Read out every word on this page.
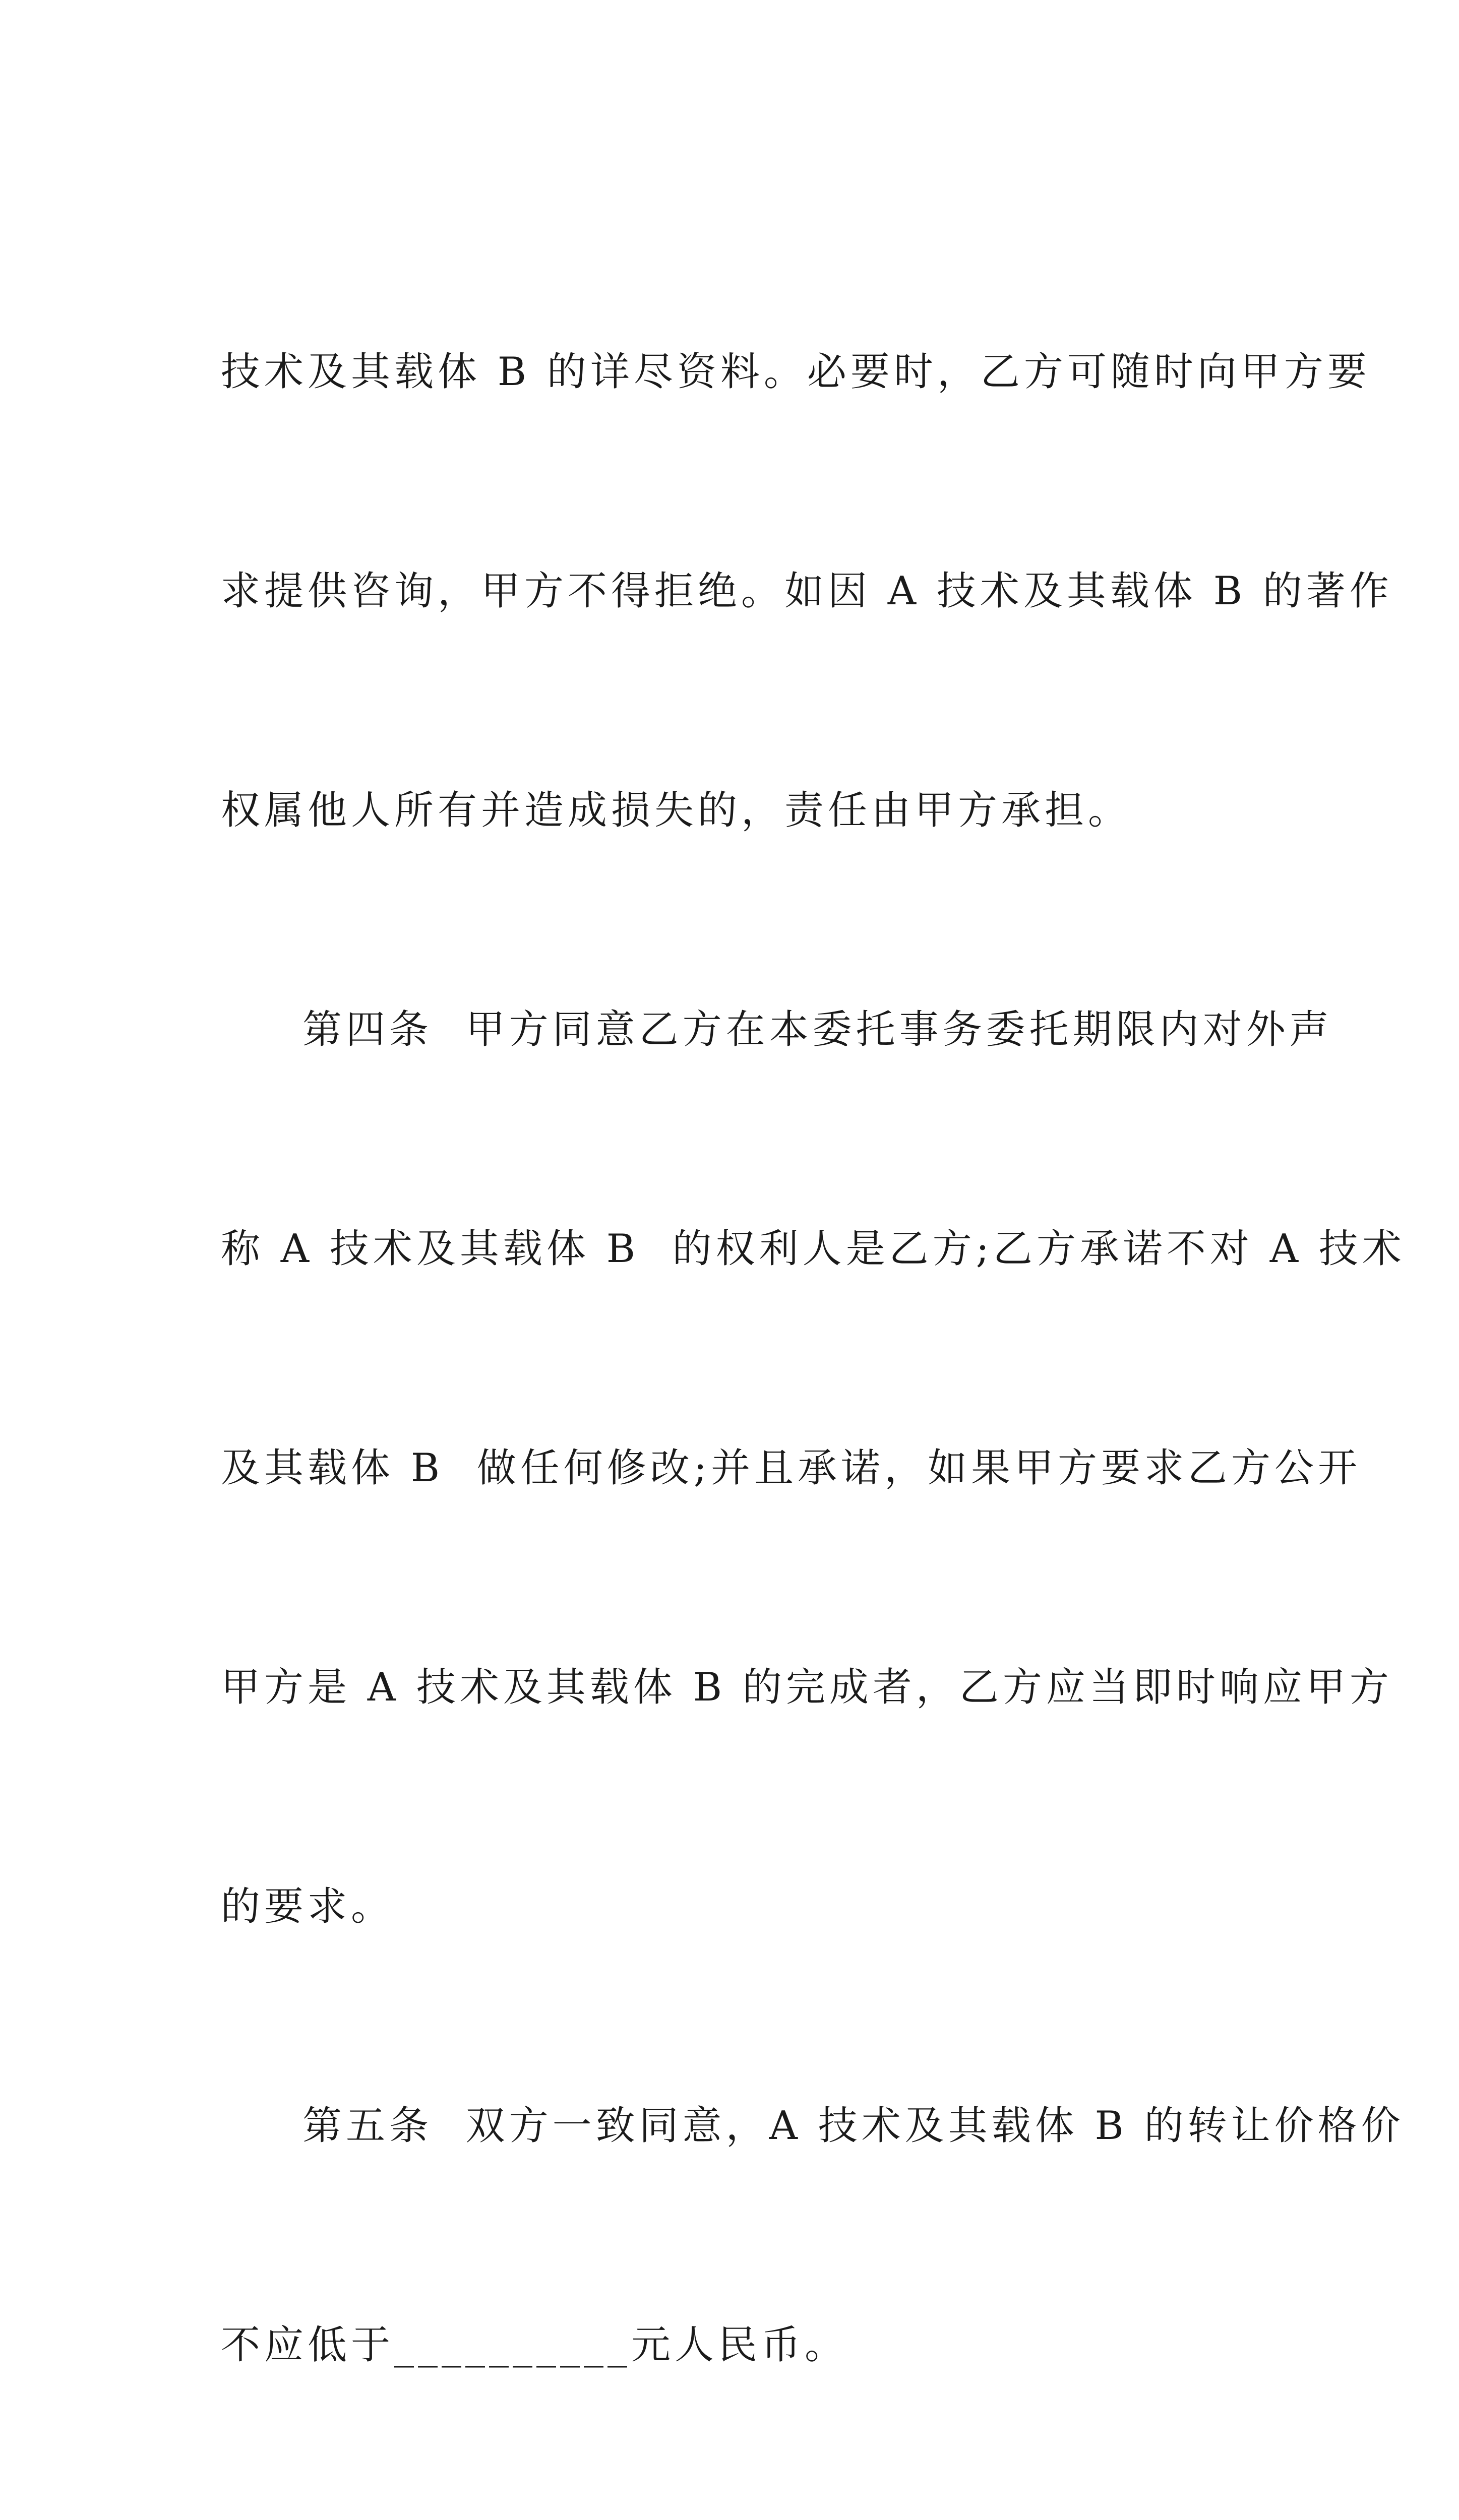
技术及其载体 B 的详尽资料。必要时，乙方可随时向甲方要

求提供咨询，甲方不得拒绝。如因 A 技术及其载体 B 的著作

权属他人所有并造成损失的，责任由甲方承担。

第四条  甲方同意乙方在本委托事务委托期限内对外声

称 A 技术及其载体 B  的权利人是乙方;乙方承诺不对 A 技术

及其载体 B  做任何修改;并且承诺，如果甲方要求乙方公开

甲方是 A 技术及其载体 B 的完成者，乙方应当即时响应甲方

的要求。

第五条  双方一致同意，A 技术及其载体 B 的转让价格价

不应低于__________元人民币。
